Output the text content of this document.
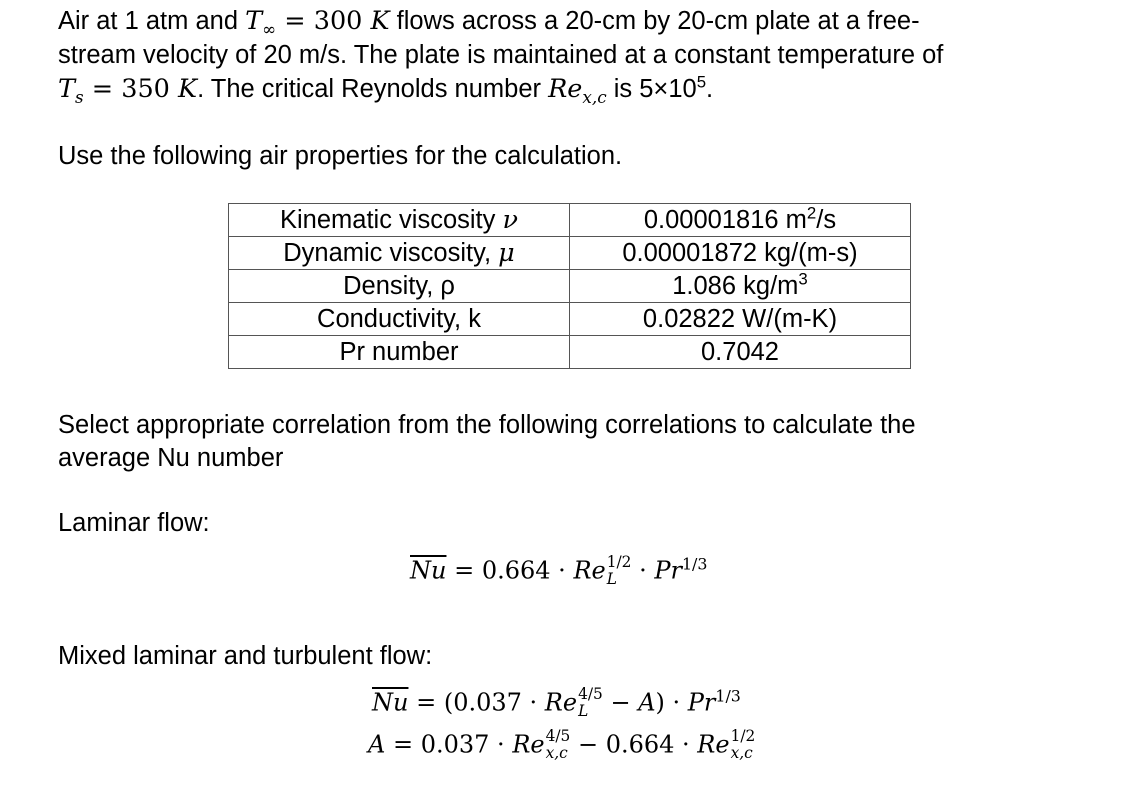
Air at 1 atm and $T_\infty = 300$ K flows across a 20-cm by 20-cm plate at a free-
stream velocity of 20 m/s. The plate is maintained at a constant temperature of
$T_s = 350$ K. The critical Reynolds number $Re_{x,c}$ is $5\times 10^5$.
Use the following air properties for the calculation.
Kinematic viscosity ν	0.00001816 $m^2/s$
Dynamic viscosity, μ	0.00001872 kg/(m-s)
Density, ρ	1.086 $kg/m^3$
Conductivity, k	0.02822 W/(m-K)
Pr number	0.7042
Select appropriate correlation from the following correlations to calculate the
average Nu number
Laminar flow:
$\overline{Nu} = 0.664 \cdot Re$ 1/2
$L \cdot Pr^{1/3}$
Mixed laminar and turbulent flow:
$\overline{Nu} = (0.037 \cdot Re$ 4/5
$L - A) \cdot Pr^{1/3}$
A = 0.037 · Re 4/5
x,c − 0.664 · Re 1/2
x,c
